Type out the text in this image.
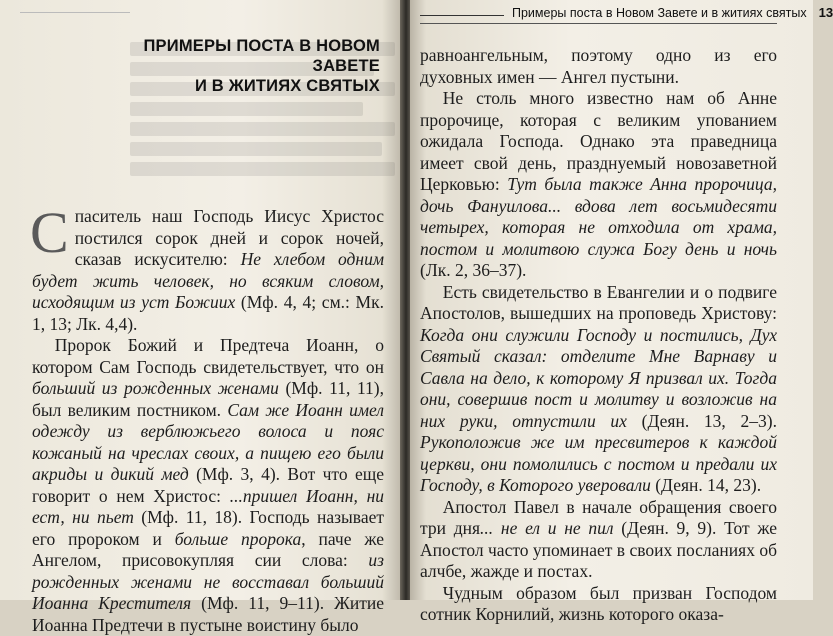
ПРИМЕРЫ ПОСТА В НОВОМ ЗАВЕТЕ
И В ЖИТИЯХ СВЯТЫХ

Спаситель наш Господь Иисус Христос постился сорок дней и сорок ночей, сказав искусителю: Не хлебом одним будет жить человек, но всяким словом, исходящим из уст Божиих (Мф. 4, 4; см.: Мк. 1, 13; Лк. 4,4).

Пророк Божий и Предтеча Иоанн, о котором Сам Господь свидетельствует, что он больший из рожденных женами (Мф. 11, 11), был великим постником. Сам же Иоанн имел одежду из верблюжьего волоса и пояс кожаный на чреслах своих, а пищею его были акриды и дикий мед (Мф. 3, 4). Вот что еще говорит о нем Христос: ...пришел Иоанн, ни ест, ни пьет (Мф. 11, 18). Господь называет его пророком и больше пророка, паче же Ангелом, присовокупляя сии слова: из рожденных женами не восставал больший Иоанна Крестителя (Мф. 11, 9–11). Житие Иоанна Предтечи в пустыне воистину было

Примеры поста в Новом Завете и в житиях святых 13

равноангельным, поэтому одно из его духовных имен — Ангел пустыни.

Не столь много известно нам об Анне пророчице, которая с великим упованием ожидала Господа. Однако эта праведница имеет свой день, празднуемый новозаветной Церковью: Тут была также Анна пророчица, дочь Фануилова... вдова лет восьмидесяти четырех, которая не отходила от храма, постом и молитвою служа Богу день и ночь (Лк. 2, 36–37).

Есть свидетельство в Евангелии и о подвиге Апостолов, вышедших на проповедь Христову: Когда они служили Господу и постились, Дух Святый сказал: отделите Мне Варнаву и Савла на дело, к которому Я призвал их. Тогда они, совершив пост и молитву и возложив на них руки, отпустили их (Деян. 13, 2–3). Рукоположив же им пресвитеров к каждой церкви, они помолились с постом и предали их Господу, в Которого уверовали (Деян. 14, 23).

Апостол Павел в начале обращения своего три дня... не ел и не пил (Деян. 9, 9). Тот же Апостол часто упоминает в своих посланиях об алчбе, жажде и постах.

Чудным образом был призван Господом сотник Корнилий, жизнь которого оказа-
